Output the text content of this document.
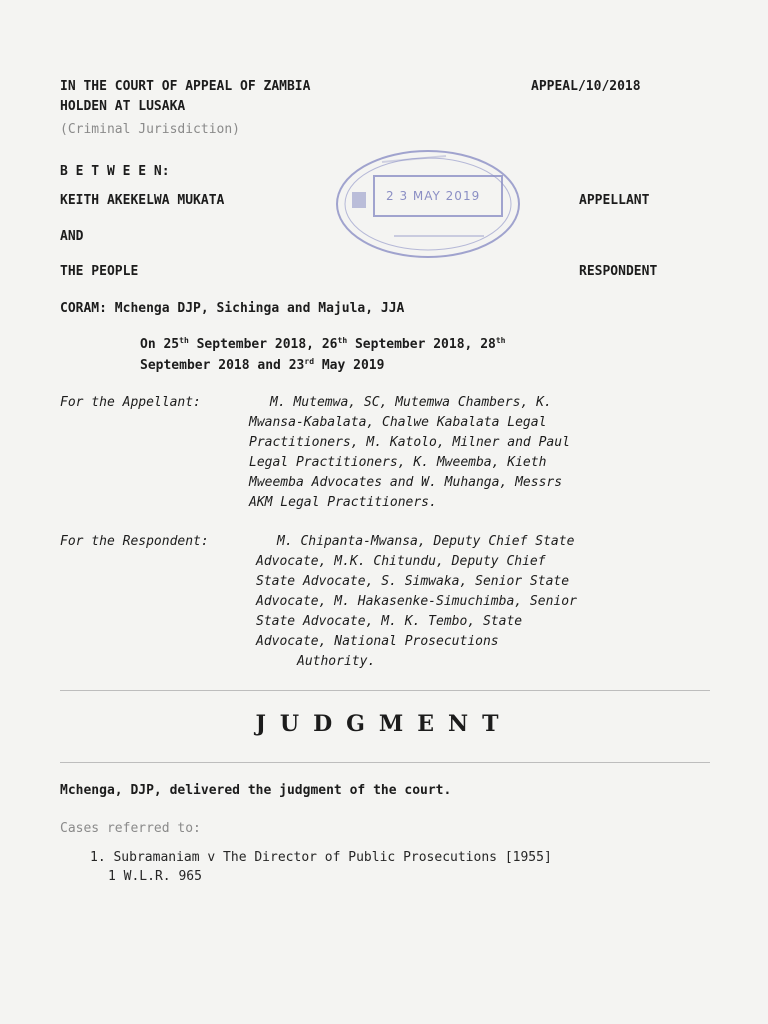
IN THE COURT OF APPEAL OF ZAMBIA	APPEAL/10/2018
HOLDEN AT LUSAKA
(Criminal Jurisdiction)
2 3 MAY 2019
B E T W E E N:
KEITH AKEKELWA MUKATA	APPELLANT
AND
THE PEOPLE	RESPONDENT
CORAM: Mchenga DJP, Sichinga and Majula, JJA
On 25th September 2018, 26th September 2018, 28th
September 2018 and 23rd May 2019
For the Appellant:	M. Mutemwa, SC, Mutemwa Chambers, K.
Mwansa-Kabalata, Chalwe Kabalata Legal
Practitioners, M. Katolo, Milner and Paul
Legal Practitioners, K. Mweemba, Kieth
Mweemba Advocates and W. Muhanga, Messrs
AKM Legal Practitioners.
For the Respondent:	M. Chipanta-Mwansa, Deputy Chief State
Advocate, M.K. Chitundu, Deputy Chief
State Advocate, S. Simwaka, Senior State
Advocate, M. Hakasenke-Simuchimba, Senior
State Advocate, M. K. Tembo, State
Advocate, National Prosecutions
Authority.
JUDGMENT
Mchenga, DJP, delivered the judgment of the court.
Cases referred to:
1. Subramaniam v The Director of Public Prosecutions [1955]
1 W.L.R. 965
